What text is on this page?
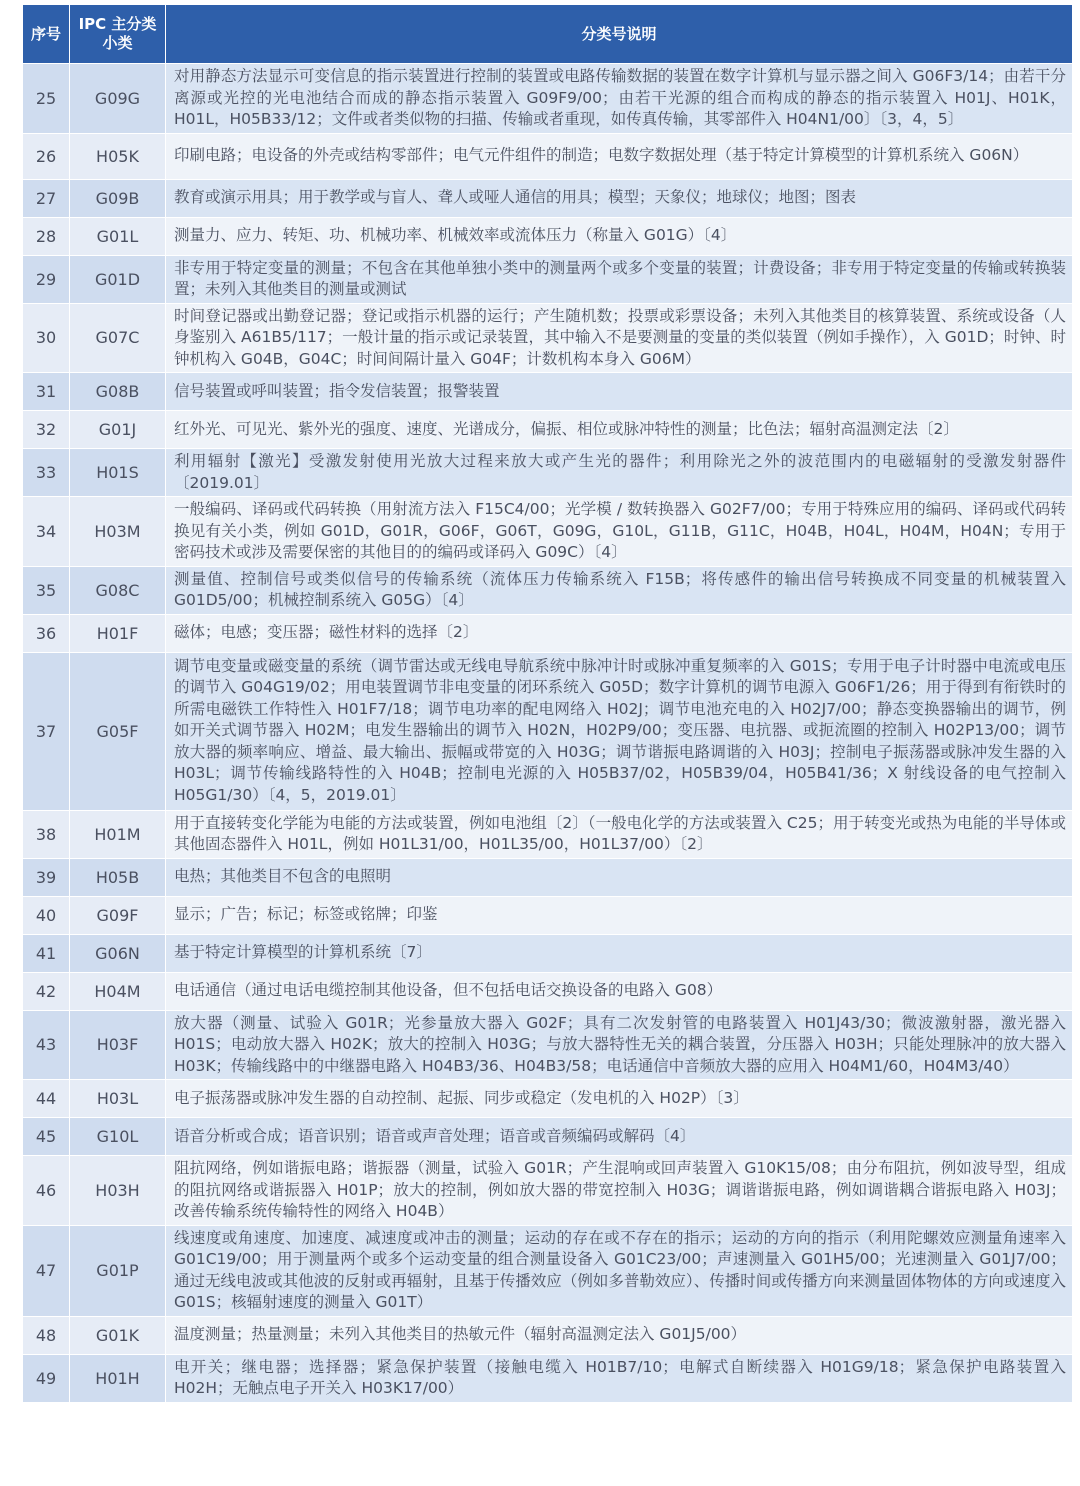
序号	IPC 主分类小类	分类号说明
25	G09G	对用静态方法显示可变信息的指示装置进行控制的装置或电路传输数据的装置在数字计算机与显示器之间入 G06F3/14；由若干分离源或光控的光电池结合而成的静态指示装置入 G09F9/00；由若干光源的组合而构成的静态的指示装置入 H01J、H01K，H01L，H05B33/12；文件或者类似物的扫描、传输或者重现，如传真传输，其零部件入 H04N1/00〕〔3，4，5〕
26	H05K	印刷电路；电设备的外壳或结构零部件；电气元件组件的制造；电数字数据处理（基于特定计算模型的计算机系统入 G06N）
27	G09B	教育或演示用具；用于教学或与盲人、聋人或哑人通信的用具；模型；天象仪；地球仪；地图；图表
28	G01L	测量力、应力、转矩、功、机械功率、机械效率或流体压力（称量入 G01G）〔4〕
29	G01D	非专用于特定变量的测量；不包含在其他单独小类中的测量两个或多个变量的装置；计费设备；非专用于特定变量的传输或转换装置；未列入其他类目的测量或测试
30	G07C	时间登记器或出勤登记器；登记或指示机器的运行；产生随机数；投票或彩票设备；未列入其他类目的核算装置、系统或设备（人身鉴别入 A61B5/117；一般计量的指示或记录装置，其中输入不是要测量的变量的类似装置（例如手操作），入 G01D；时钟、时钟机构入 G04B，G04C；时间间隔计量入 G04F；计数机构本身入 G06M）
31	G08B	信号装置或呼叫装置；指令发信装置；报警装置
32	G01J	红外光、可见光、紫外光的强度、速度、光谱成分，偏振、相位或脉冲特性的测量；比色法；辐射高温测定法〔2〕
33	H01S	利用辐射【激光】受激发射使用光放大过程来放大或产生光的器件；利用除光之外的波范围内的电磁辐射的受激发射器件〔2019.01〕
34	H03M	一般编码、译码或代码转换（用射流方法入 F15C4/00；光学模 / 数转换器入 G02F7/00；专用于特殊应用的编码、译码或代码转换见有关小类，例如 G01D，G01R，G06F，G06T，G09G，G10L，G11B，G11C，H04B，H04L，H04M，H04N；专用于密码技术或涉及需要保密的其他目的的编码或译码入 G09C）〔4〕
35	G08C	测量值、控制信号或类似信号的传输系统（流体压力传输系统入 F15B；将传感件的输出信号转换成不同变量的机械装置入 G01D5/00；机械控制系统入 G05G）〔4〕
36	H01F	磁体；电感；变压器；磁性材料的选择〔2〕
37	G05F	调节电变量或磁变量的系统（调节雷达或无线电导航系统中脉冲计时或脉冲重复频率的入 G01S；专用于电子计时器中电流或电压的调节入 G04G19/02；用电装置调节非电变量的闭环系统入 G05D；数字计算机的调节电源入 G06F1/26；用于得到有衔铁时的所需电磁铁工作特性入 H01F7/18；调节电功率的配电网络入 H02J；调节电池充电的入 H02J7/00；静态变换器输出的调节，例如开关式调节器入 H02M；电发生器输出的调节入 H02N，H02P9/00；变压器、电抗器、或扼流圈的控制入 H02P13/00；调节放大器的频率响应、增益、最大输出、振幅或带宽的入 H03G；调节谐振电路调谐的入 H03J；控制电子振荡器或脉冲发生器的入 H03L；调节传输线路特性的入 H04B；控制电光源的入 H05B37/02，H05B39/04，H05B41/36；X 射线设备的电气控制入 H05G1/30）〔4，5，2019.01〕
38	H01M	用于直接转变化学能为电能的方法或装置，例如电池组〔2〕（一般电化学的方法或装置入 C25；用于转变光或热为电能的半导体或其他固态器件入 H01L，例如 H01L31/00，H01L35/00，H01L37/00）〔2〕
39	H05B	电热；其他类目不包含的电照明
40	G09F	显示；广告；标记；标签或铭牌；印鉴
41	G06N	基于特定计算模型的计算机系统〔7〕
42	H04M	电话通信（通过电话电缆控制其他设备，但不包括电话交换设备的电路入 G08）
43	H03F	放大器（测量、试验入 G01R；光参量放大器入 G02F；具有二次发射管的电路装置入 H01J43/30；微波激射器，激光器入 H01S；电动放大器入 H02K；放大的控制入 H03G；与放大器特性无关的耦合装置，分压器入 H03H；只能处理脉冲的放大器入 H03K；传输线路中的中继器电路入 H04B3/36、H04B3/58；电话通信中音频放大器的应用入 H04M1/60，H04M3/40）
44	H03L	电子振荡器或脉冲发生器的自动控制、起振、同步或稳定（发电机的入 H02P）〔3〕
45	G10L	语音分析或合成；语音识别；语音或声音处理；语音或音频编码或解码〔4〕
46	H03H	阻抗网络，例如谐振电路；谐振器（测量，试验入 G01R；产生混响或回声装置入 G10K15/08；由分布阻抗，例如波导型，组成的阻抗网络或谐振器入 H01P；放大的控制，例如放大器的带宽控制入 H03G；调谐谐振电路，例如调谐耦合谐振电路入 H03J；改善传输系统传输特性的网络入 H04B）
47	G01P	线速度或角速度、加速度、减速度或冲击的测量；运动的存在或不存在的指示；运动的方向的指示（利用陀螺效应测量角速率入 G01C19/00；用于测量两个或多个运动变量的组合测量设备入 G01C23/00；声速测量入 G01H5/00；光速测量入 G01J7/00；通过无线电波或其他波的反射或再辐射，且基于传播效应（例如多普勒效应）、传播时间或传播方向来测量固体物体的方向或速度入 G01S；核辐射速度的测量入 G01T）
48	G01K	温度测量；热量测量；未列入其他类目的热敏元件（辐射高温测定法入 G01J5/00）
49	H01H	电开关；继电器；选择器；紧急保护装置（接触电缆入 H01B7/10；电解式自断续器入 H01G9/18；紧急保护电路装置入 H02H；无触点电子开关入 H03K17/00）
